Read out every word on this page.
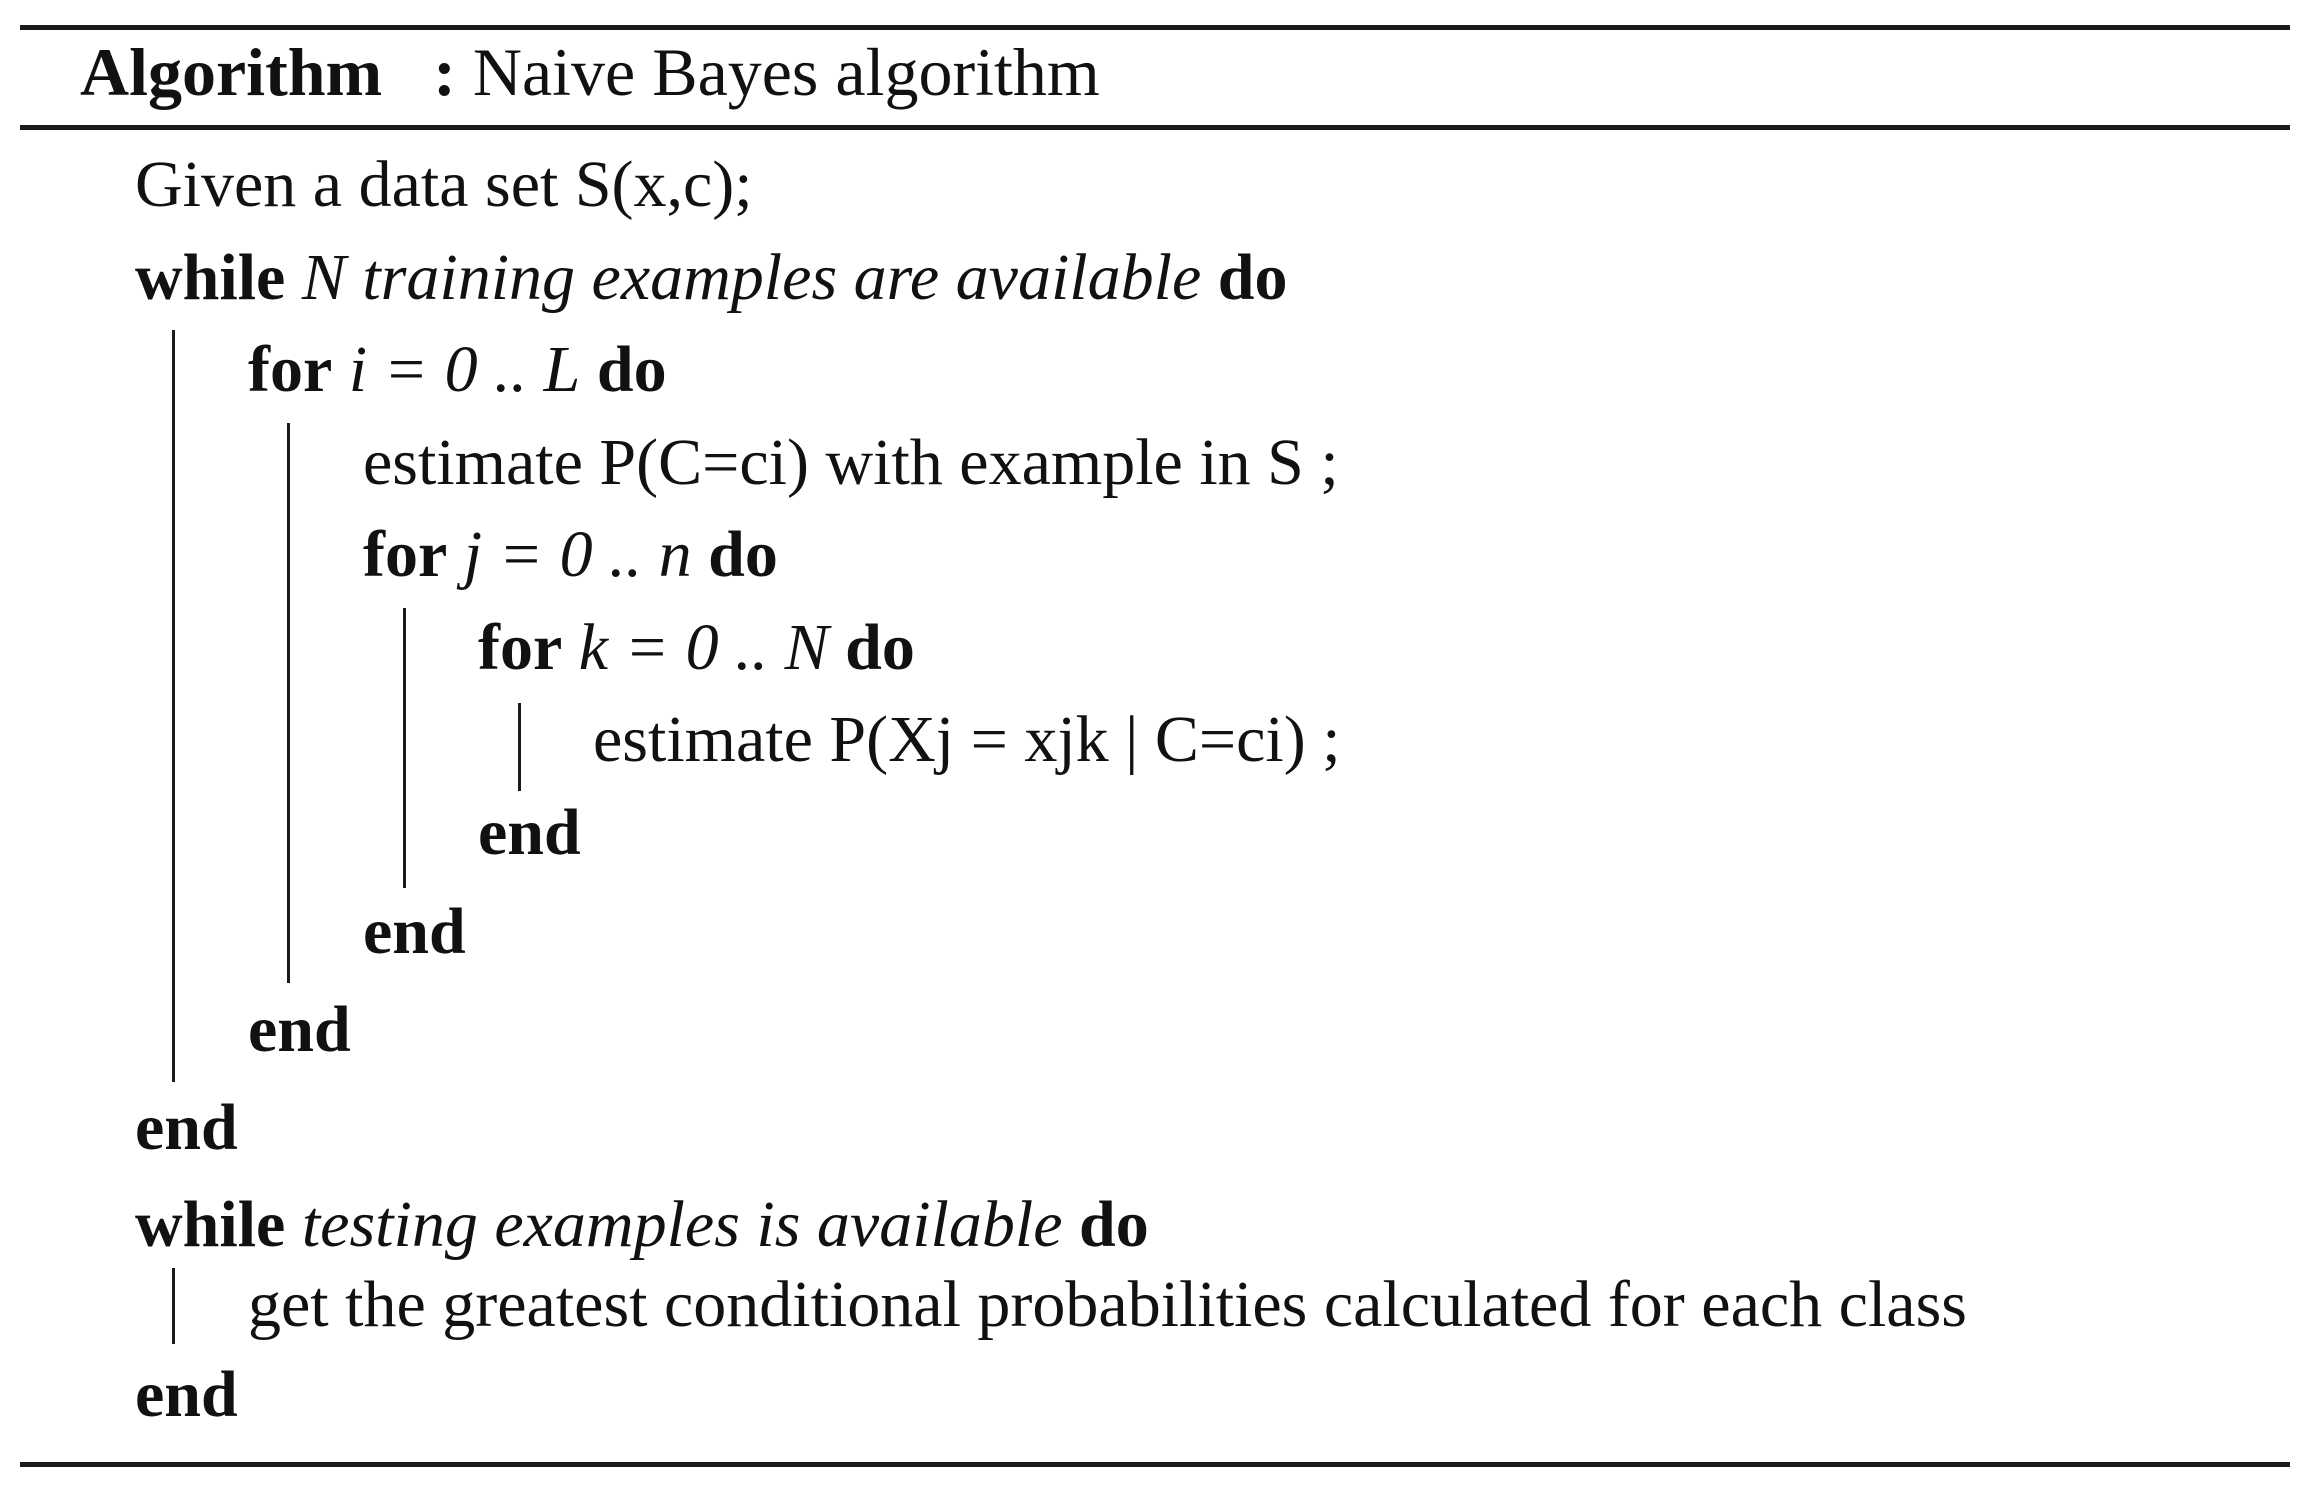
Algorithm : Naive Bayes algorithm
Given a data set S(x,c);
while N training examples are available do
for i = 0 .. L do
estimate P(C=ci) with example in S ;
for j = 0 .. n do
for k = 0 .. N do
estimate P(Xj = xjk | C=ci) ;
end
end
end
end
while testing examples is available do
get the greatest conditional probabilities calculated for each class
end
